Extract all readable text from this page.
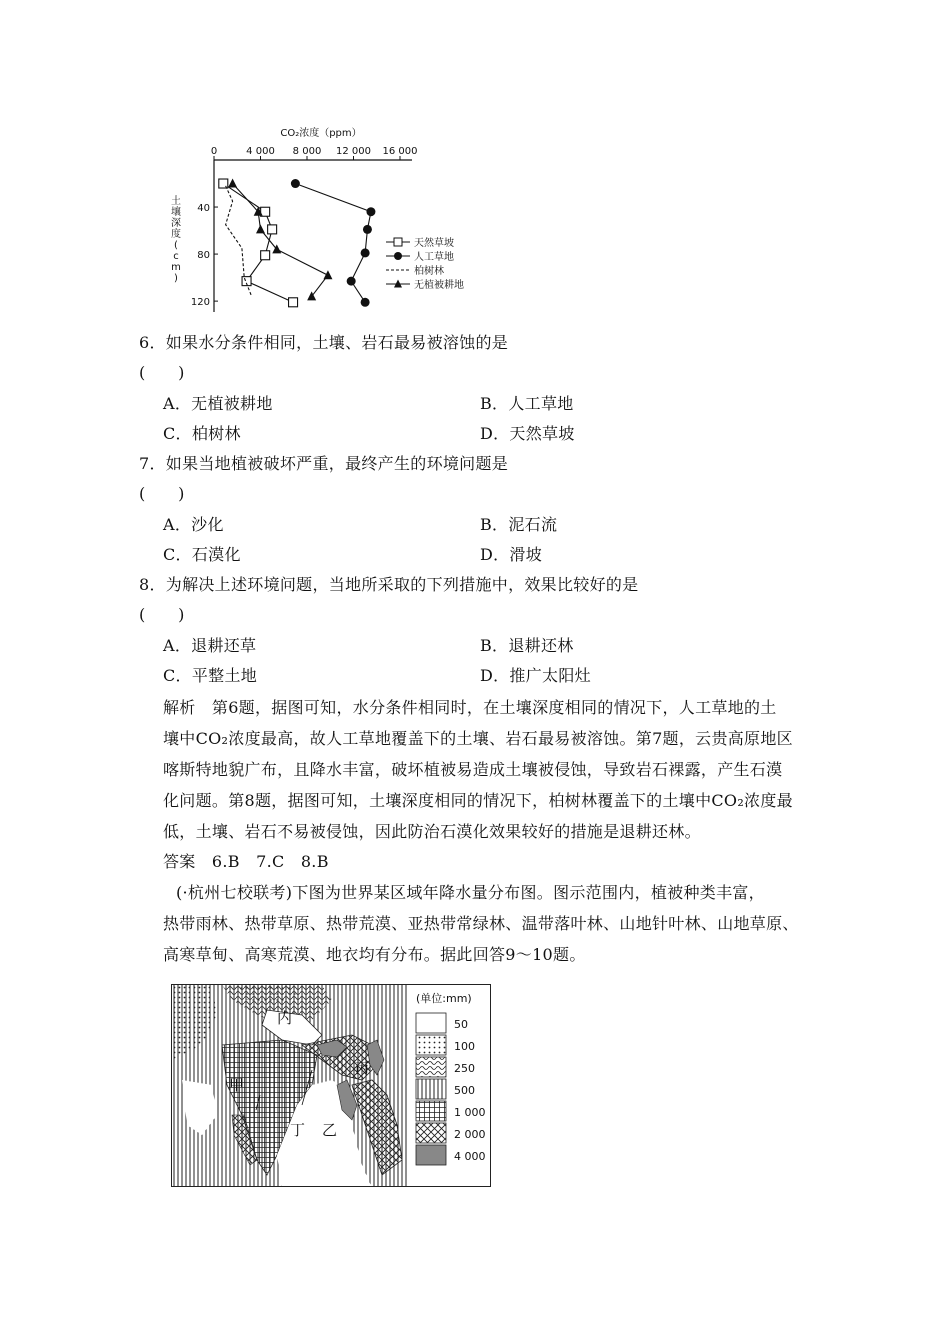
CO₂浓度（ppm）
0	4 000 8 000 12 000 16 000
40
80
120
天然草坡
人工草地
柏树林
无植被耕地
土
壤
深
度
(
c
m
)
6．如果水分条件相同，土壤、岩石最易被溶蚀的是
(　　)
A．无植被耕地	B．人工草地
C．柏树林	D．天然草坡
7．如果当地植被破坏严重，最终产生的环境问题是
(　　)
A．沙化	B．泥石流
C．石漠化	D．滑坡
8．为解决上述环境问题，当地所采取的下列措施中，效果比较好的是
(　　)
A．退耕还草	B．退耕还林
C．平整土地	D．推广太阳灶
解析　第6题，据图可知，水分条件相同时，在土壤深度相同的情况下，人工草地的土
壤中CO₂浓度最高，故人工草地覆盖下的土壤、岩石最易被溶蚀。第7题，云贵高原地区
喀斯特地貌广布，且降水丰富，破坏植被易造成土壤被侵蚀，导致岩石裸露，产生石漠
化问题。第8题，据图可知，土壤深度相同的情况下，柏树林覆盖下的土壤中CO₂浓度最
低，土壤、岩石不易被侵蚀，因此防治石漠化效果较好的措施是退耕还林。
答案　6.B　7.C　8.B
(·杭州七校联考)下图为世界某区域年降水量分布图。图示范围内，植被种类丰富，
热带雨林、热带草原、热带荒漠、亚热带常绿林、温带落叶林、山地针叶林、山地草原、
高寒草甸、高寒荒漠、地衣均有分布。据此回答9～10题。
内
甲
丁 乙
丙
(单位:mm)
50
100
250
500
1 000
2 000
4 000
